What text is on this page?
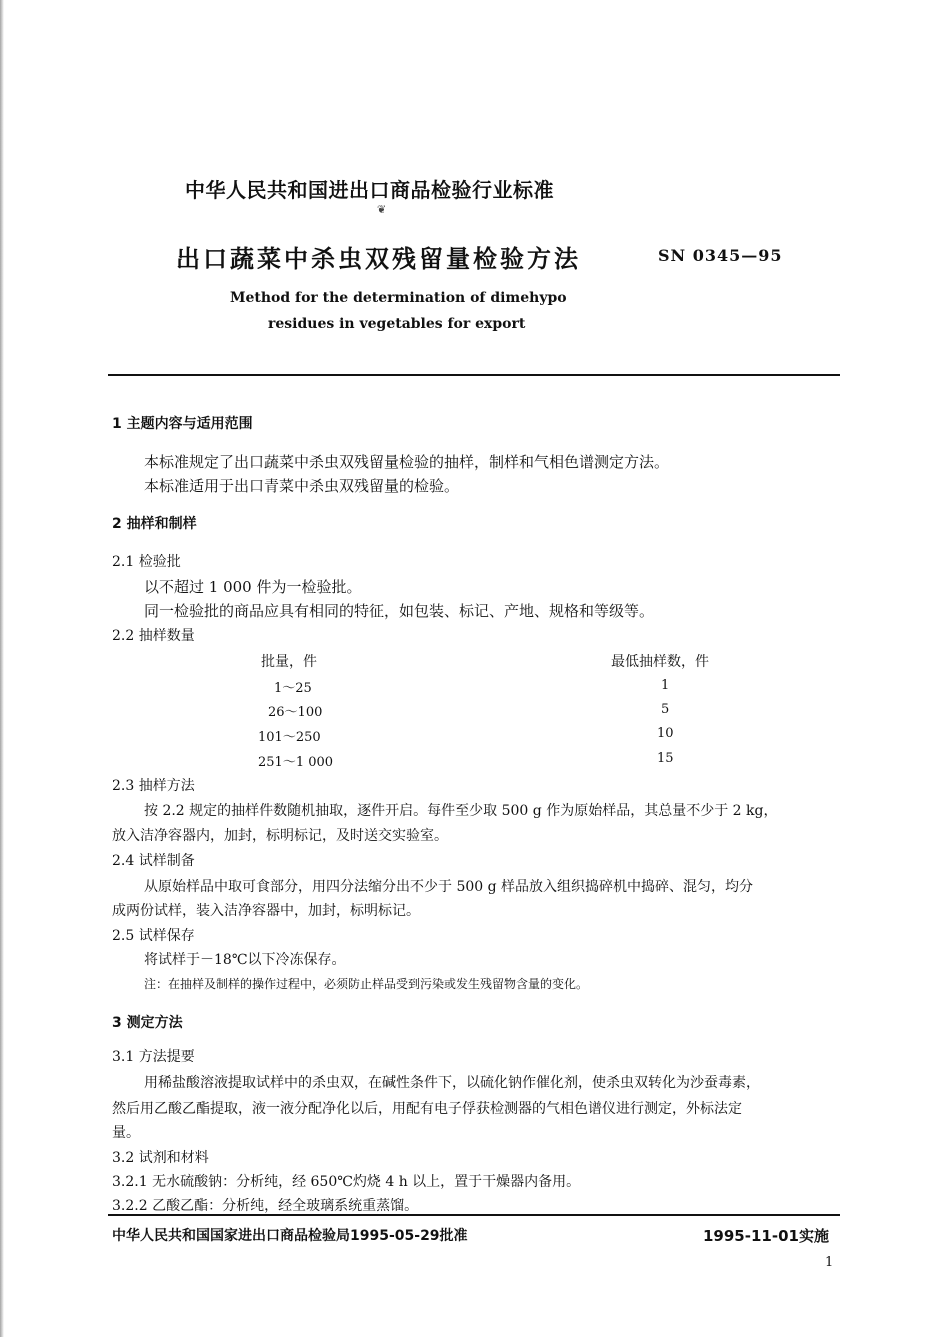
中华人民共和国进出口商品检验行业标准
❦
出口蔬菜中杀虫双残留量检验方法	SN 0345—95
Method for the determination of dimehypo
residues in vegetables for export
1 主题内容与适用范围
本标准规定了出口蔬菜中杀虫双残留量检验的抽样，制样和气相色谱测定方法。
本标准适用于出口青菜中杀虫双残留量的检验。
2 抽样和制样
2.1 检验批
以不超过 1 000 件为一检验批。
同一检验批的商品应具有相同的特征，如包装、标记、产地、规格和等级等。
2.2 抽样数量
批量，件	最低抽样数，件
1～25	1
26～100	5
101～250	10
251～1 000	15
2.3 抽样方法
按 2.2 规定的抽样件数随机抽取，逐件开启。每件至少取 500 g 作为原始样品，其总量不少于 2 kg，
放入洁净容器内，加封，标明标记，及时送交实验室。
2.4 试样制备
从原始样品中取可食部分，用四分法缩分出不少于 500 g 样品放入组织捣碎机中捣碎、混匀，均分
成两份试样，装入洁净容器中，加封，标明标记。
2.5 试样保存
将试样于－18℃以下冷冻保存。
注：在抽样及制样的操作过程中，必须防止样品受到污染或发生残留物含量的变化。
3 测定方法
3.1 方法提要
用稀盐酸溶液提取试样中的杀虫双，在碱性条件下，以硫化钠作催化剂，使杀虫双转化为沙蚕毒素，
然后用乙酸乙酯提取，液一液分配净化以后，用配有电子俘获检测器的气相色谱仪进行测定，外标法定
量。
3.2 试剂和材料
3.2.1 无水硫酸钠：分析纯，经 650℃灼烧 4 h 以上，置于干燥器内备用。
3.2.2 乙酸乙酯：分析纯，经全玻璃系统重蒸馏。
中华人民共和国国家进出口商品检验局1995-05-29批准	1995-11-01实施
1
